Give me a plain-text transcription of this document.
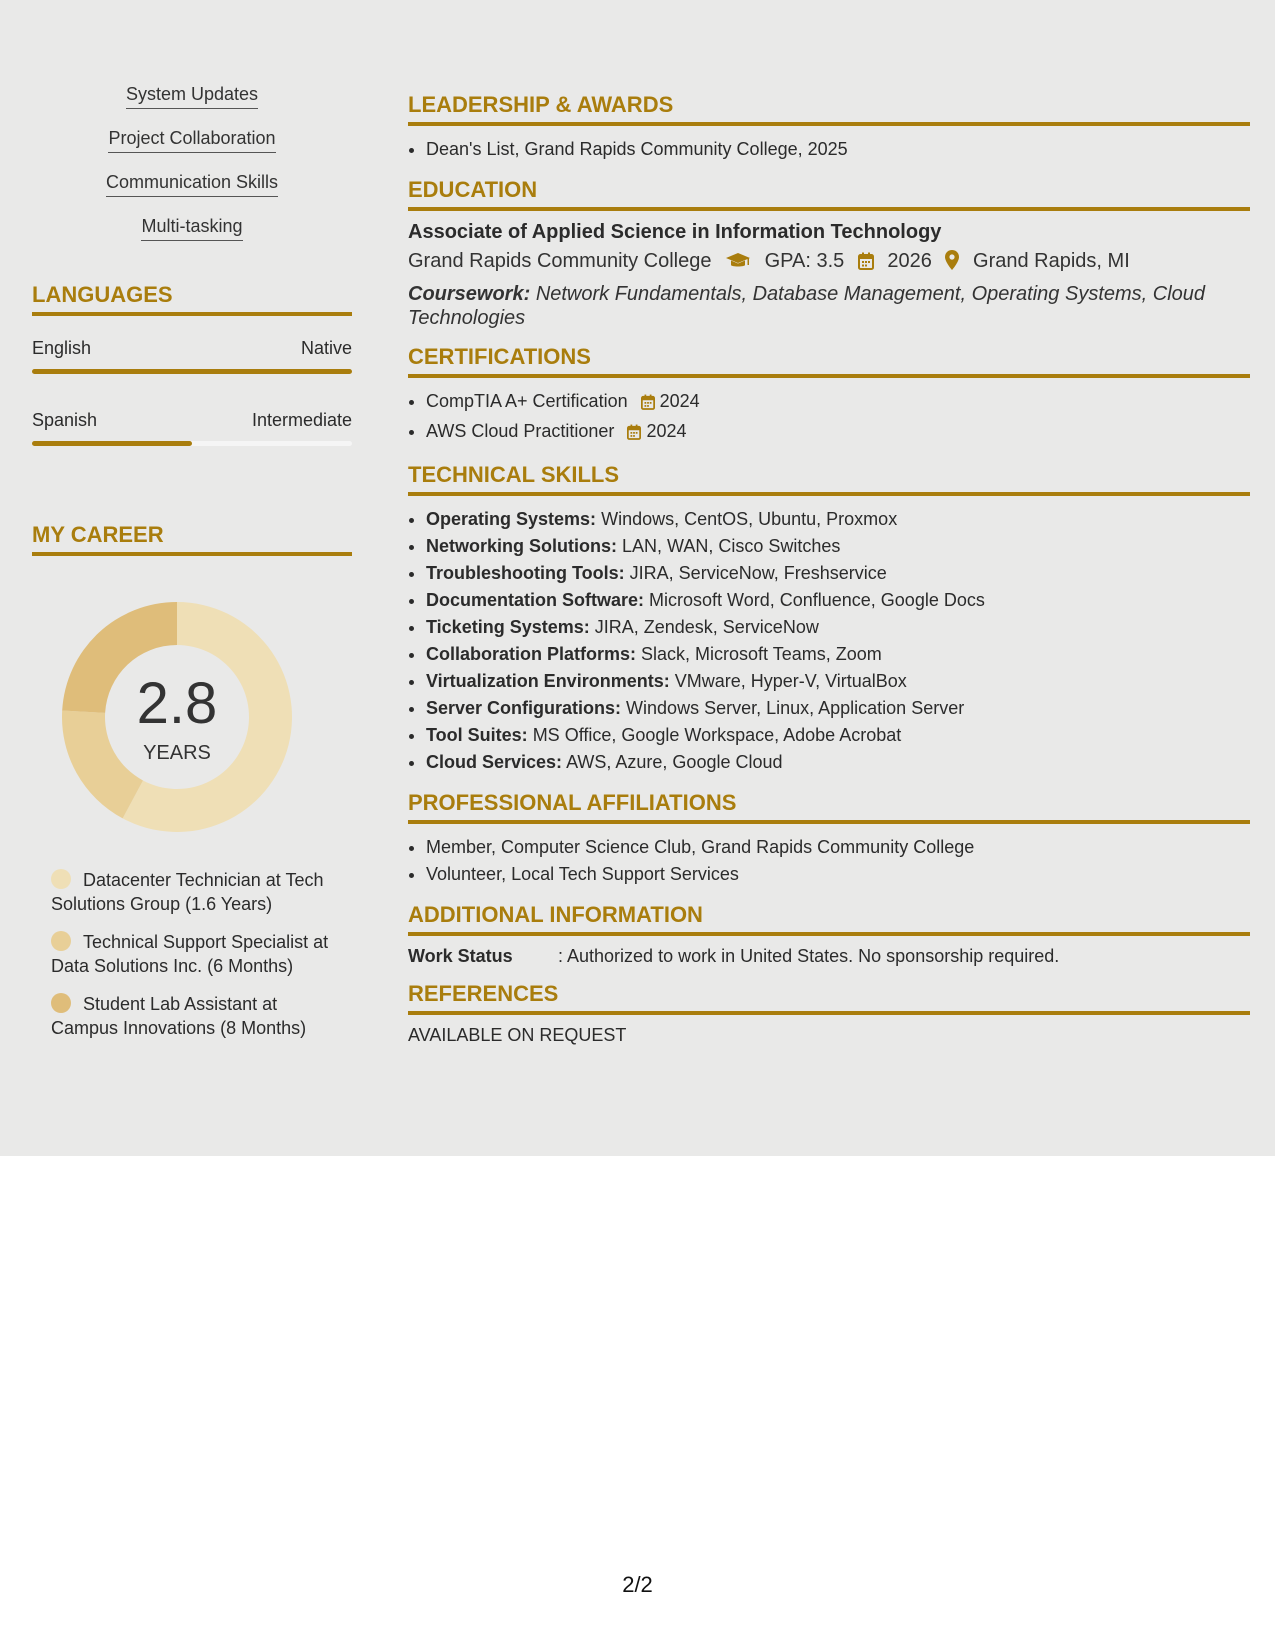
System Updates
Project Collaboration
Communication Skills
Multi-tasking
LANGUAGES
English	Native
Spanish	Intermediate
MY CAREER
2.8
YEARS
Datacenter Technician at Tech Solutions Group (1.6 Years)
Technical Support Specialist at Data Solutions Inc. (6 Months)
Student Lab Assistant at Campus Innovations (8 Months)
LEADERSHIP & AWARDS
• Dean's List, Grand Rapids Community College, 2025
EDUCATION
Associate of Applied Science in Information Technology
Grand Rapids Community College	GPA: 3.5 2026 Grand Rapids, MI
Coursework: Network Fundamentals, Database Management, Operating Systems, Cloud Technologies
CERTIFICATIONS
• CompTIA A+ Certification 2024
• AWS Cloud Practitioner 2024
TECHNICAL SKILLS
• Operating Systems: Windows, CentOS, Ubuntu, Proxmox
• Networking Solutions: LAN, WAN, Cisco Switches
• Troubleshooting Tools: JIRA, ServiceNow, Freshservice
• Documentation Software: Microsoft Word, Confluence, Google Docs
• Ticketing Systems: JIRA, Zendesk, ServiceNow
• Collaboration Platforms: Slack, Microsoft Teams, Zoom
• Virtualization Environments: VMware, Hyper-V, VirtualBox
• Server Configurations: Windows Server, Linux, Application Server
• Tool Suites: MS Office, Google Workspace, Adobe Acrobat
• Cloud Services: AWS, Azure, Google Cloud
PROFESSIONAL AFFILIATIONS
• Member, Computer Science Club, Grand Rapids Community College
• Volunteer, Local Tech Support Services
ADDITIONAL INFORMATION
Work Status	: Authorized to work in United States. No sponsorship required.
REFERENCES
AVAILABLE ON REQUEST
2/2
